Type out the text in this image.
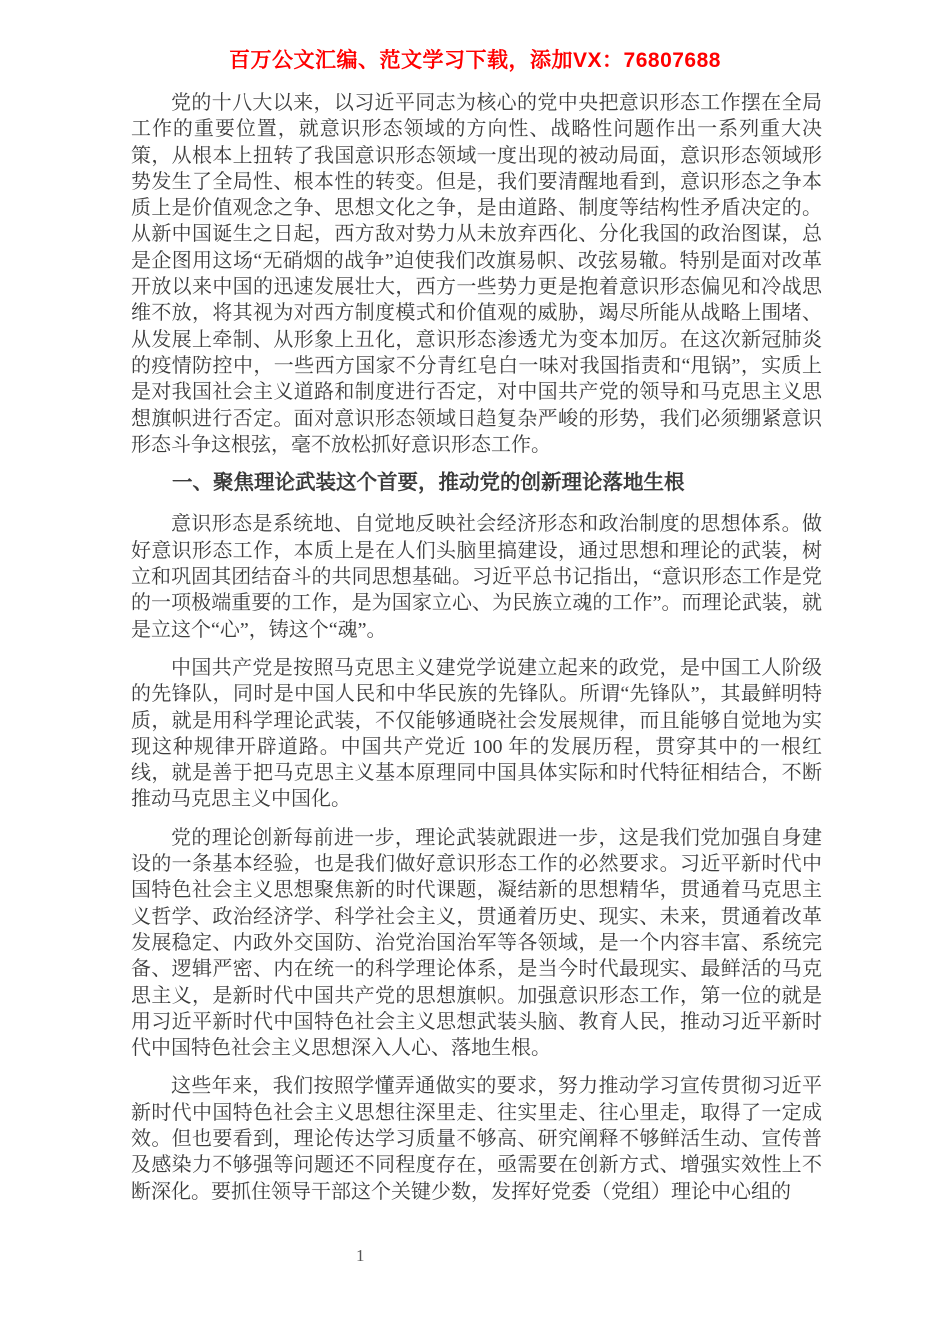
百万公文汇编、范文学习下载，添加VX：76807688

党的十八大以来，以习近平同志为核心的党中央把意识形态工作摆在全局工作的重要位置，就意识形态领域的方向性、战略性问题作出一系列重大决策，从根本上扭转了我国意识形态领域一度出现的被动局面，意识形态领域形势发生了全局性、根本性的转变。但是，我们要清醒地看到，意识形态之争本质上是价值观念之争、思想文化之争，是由道路、制度等结构性矛盾决定的。从新中国诞生之日起，西方敌对势力从未放弃西化、分化我国的政治图谋，总是企图用这场“无硝烟的战争”迫使我们改旗易帜、改弦易辙。特别是面对改革开放以来中国的迅速发展壮大，西方一些势力更是抱着意识形态偏见和冷战思维不放，将其视为对西方制度模式和价值观的威胁，竭尽所能从战略上围堵、从发展上牵制、从形象上丑化，意识形态渗透尤为变本加厉。在这次新冠肺炎的疫情防控中，一些西方国家不分青红皂白一味对我国指责和“甩锅”，实质上是对我国社会主义道路和制度进行否定，对中国共产党的领导和马克思主义思想旗帜进行否定。面对意识形态领域日趋复杂严峻的形势，我们必须绷紧意识形态斗争这根弦，毫不放松抓好意识形态工作。

一、聚焦理论武装这个首要，推动党的创新理论落地生根

意识形态是系统地、自觉地反映社会经济形态和政治制度的思想体系。做好意识形态工作，本质上是在人们头脑里搞建设，通过思想和理论的武装，树立和巩固其团结奋斗的共同思想基础。习近平总书记指出，“意识形态工作是党的一项极端重要的工作，是为国家立心、为民族立魂的工作”。而理论武装，就是立这个“心”，铸这个“魂”。

中国共产党是按照马克思主义建党学说建立起来的政党，是中国工人阶级的先锋队，同时是中国人民和中华民族的先锋队。所谓“先锋队”，其最鲜明特质，就是用科学理论武装，不仅能够通晓社会发展规律，而且能够自觉地为实现这种规律开辟道路。中国共产党近 100 年的发展历程，贯穿其中的一根红线，就是善于把马克思主义基本原理同中国具体实际和时代特征相结合，不断推动马克思主义中国化。

党的理论创新每前进一步，理论武装就跟进一步，这是我们党加强自身建设的一条基本经验，也是我们做好意识形态工作的必然要求。习近平新时代中国特色社会主义思想聚焦新的时代课题，凝结新的思想精华，贯通着马克思主义哲学、政治经济学、科学社会主义，贯通着历史、现实、未来，贯通着改革发展稳定、内政外交国防、治党治国治军等各领域，是一个内容丰富、系统完备、逻辑严密、内在统一的科学理论体系，是当今时代最现实、最鲜活的马克思主义，是新时代中国共产党的思想旗帜。加强意识形态工作，第一位的就是用习近平新时代中国特色社会主义思想武装头脑、教育人民，推动习近平新时代中国特色社会主义思想深入人心、落地生根。

这些年来，我们按照学懂弄通做实的要求，努力推动学习宣传贯彻习近平新时代中国特色社会主义思想往深里走、往实里走、往心里走，取得了一定成效。但也要看到，理论传达学习质量不够高、研究阐释不够鲜活生动、宣传普及感染力不够强等问题还不同程度存在，亟需要在创新方式、增强实效性上不断深化。要抓住领导干部这个关键少数，发挥好党委（党组）理论中心组的

1
